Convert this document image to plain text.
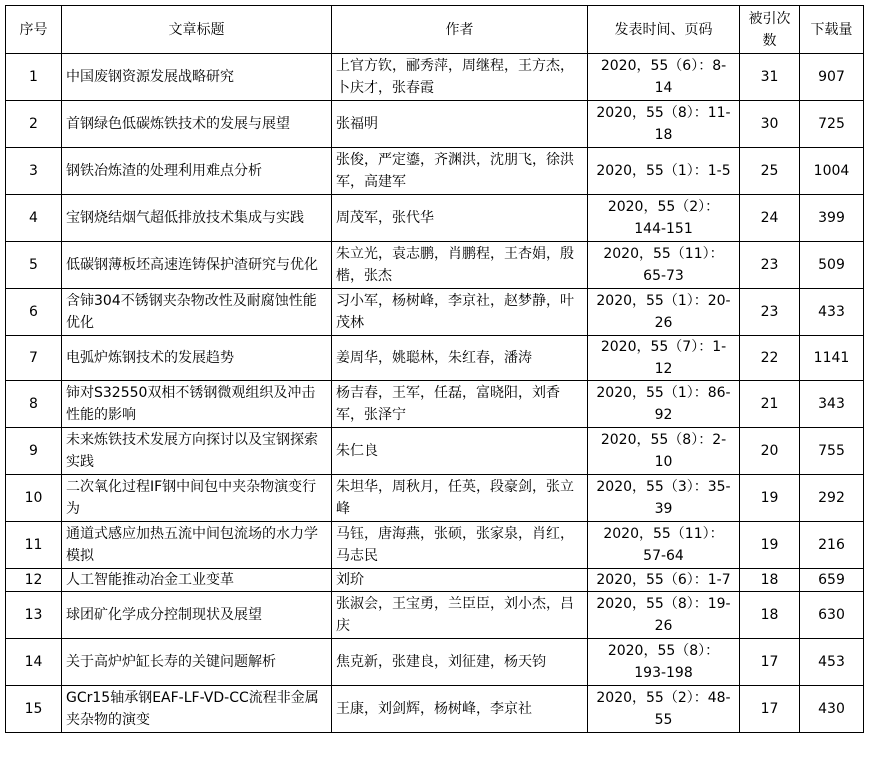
序号	文章标题	作者	发表时间、页码	被引次数	下载量
1	中国废钢资源发展战略研究	上官方钦，郦秀萍，周继程，王方杰，卜庆才，张春霞	2020，55（6）：8-14	31	907
2	首钢绿色低碳炼铁技术的发展与展望	张福明	2020，55（8）：11-18	30	725
3	钢铁冶炼渣的处理利用难点分析	张俊，严定鎏，齐渊洪，沈朋飞，徐洪军，高建军	2020，55（1）：1-5	25	1004
4	宝钢烧结烟气超低排放技术集成与实践	周茂军，张代华	2020，55（2）：144-151	24	399
5	低碳钢薄板坯高速连铸保护渣研究与优化	朱立光，袁志鹏，肖鹏程，王杏娟，殷楷，张杰	2020，55（11）：65-73	23	509
6	含铈304不锈钢夹杂物改性及耐腐蚀性能优化	习小军，杨树峰，李京社，赵梦静，叶茂林	2020，55（1）：20-26	23	433
7	电弧炉炼钢技术的发展趋势	姜周华，姚聪林，朱红春，潘涛	2020，55（7）：1-12	22	1141
8	铈对S32550双相不锈钢微观组织及冲击性能的影响	杨吉春，王军，任磊，富晓阳，刘香军，张泽宁	2020，55（1）：86-92	21	343
9	未来炼铁技术发展方向探讨以及宝钢探索实践	朱仁良	2020，55（8）：2-10	20	755
10	二次氧化过程IF钢中间包中夹杂物演变行为	朱坦华，周秋月，任英，段豪剑，张立峰	2020，55（3）：35-39	19	292
11	通道式感应加热五流中间包流场的水力学模拟	马钰，唐海燕，张硕，张家泉，肖红，马志民	2020，55（11）：57-64	19	216
12	人工智能推动冶金工业变革	刘玠	2020，55（6）：1-7	18	659
13	球团矿化学成分控制现状及展望	张淑会，王宝勇，兰臣臣，刘小杰，吕庆	2020，55（8）：19-26	18	630
14	关于高炉炉缸长寿的关键问题解析	焦克新，张建良，刘征建，杨天钧	2020，55（8）：193-198	17	453
15	GCr15轴承钢EAF-LF-VD-CC流程非金属夹杂物的演变	王康，刘剑辉，杨树峰，李京社	2020，55（2）：48-55	17	430
